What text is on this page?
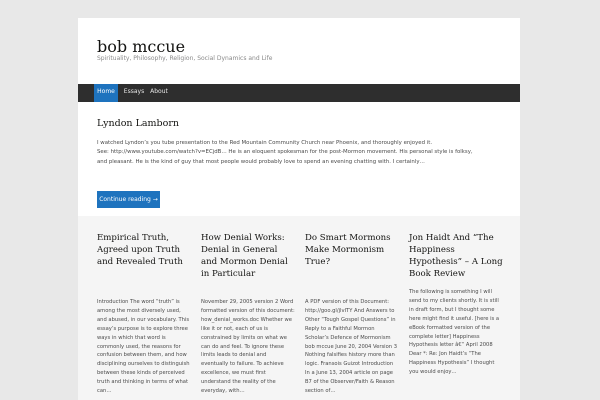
bob mccue
Spirituality, Philosophy, Religion, Social Dynamics and Life
Home	Essays About
Lyndon Lamborn
I watched Lyndon’s you tube presentation to the Red Mountain Community Church near Phoenix, and thoroughly enjoyed it.
See: http://www.youtube.com/watch?v=ECjdB… He is an eloquent spokesman for the post-Mormon movement. His personal style is folksy,
and pleasant. He is the kind of guy that most people would probably love to spend an evening chatting with. I certainly…
Continue reading →
Empirical Truth, Agreed upon Truth and Revealed Truth
Introduction The word “truth” is among the most diversely used, and abused, in our vocabulary. This essay’s purpose is to explore three ways in which that word is commonly used, the reasons for confusion between them, and how disciplining ourselves to distinguish between these kinds of perceived truth and thinking in terms of what can…
How Denial Works: Denial in General and Mormon Denial in Particular
November 29, 2005 version 2 Word formatted version of this document: how_denial_works.doc Whether we like it or not, each of us is constrained by limits on what we can do and feel. To ignore these limits leads to denial and eventually to failure. To achieve excellence, we must first understand the reality of the everyday, with…
Do Smart Mormons Make Mormonism True?
A PDF version of this Document: http://goo.gl/jlvITY And Answers to Other “Tough Gospel Questions” in Reply to a Faithful Mormon Scholar’s Defence of Mormonism bob mccue June 20, 2004 Version 3 Nothing falsifies history more than logic. Fransois Guizot Introduction In a June 13, 2004 article on page B7 of the Observer/Faith & Reason section of…
Jon Haidt And “The Happiness Hypothesis” – A Long Book Review
The following is something I will send to my clients shortly. It is still in draft form, but I thought some here might find it useful. [here is a eBook formatted version of the complete letter] Happiness Hypothesis letter â€“ April 2008 Dear *: Re: Jon Haidt’s “The Happiness Hypothesis” I thought you would enjoy…
